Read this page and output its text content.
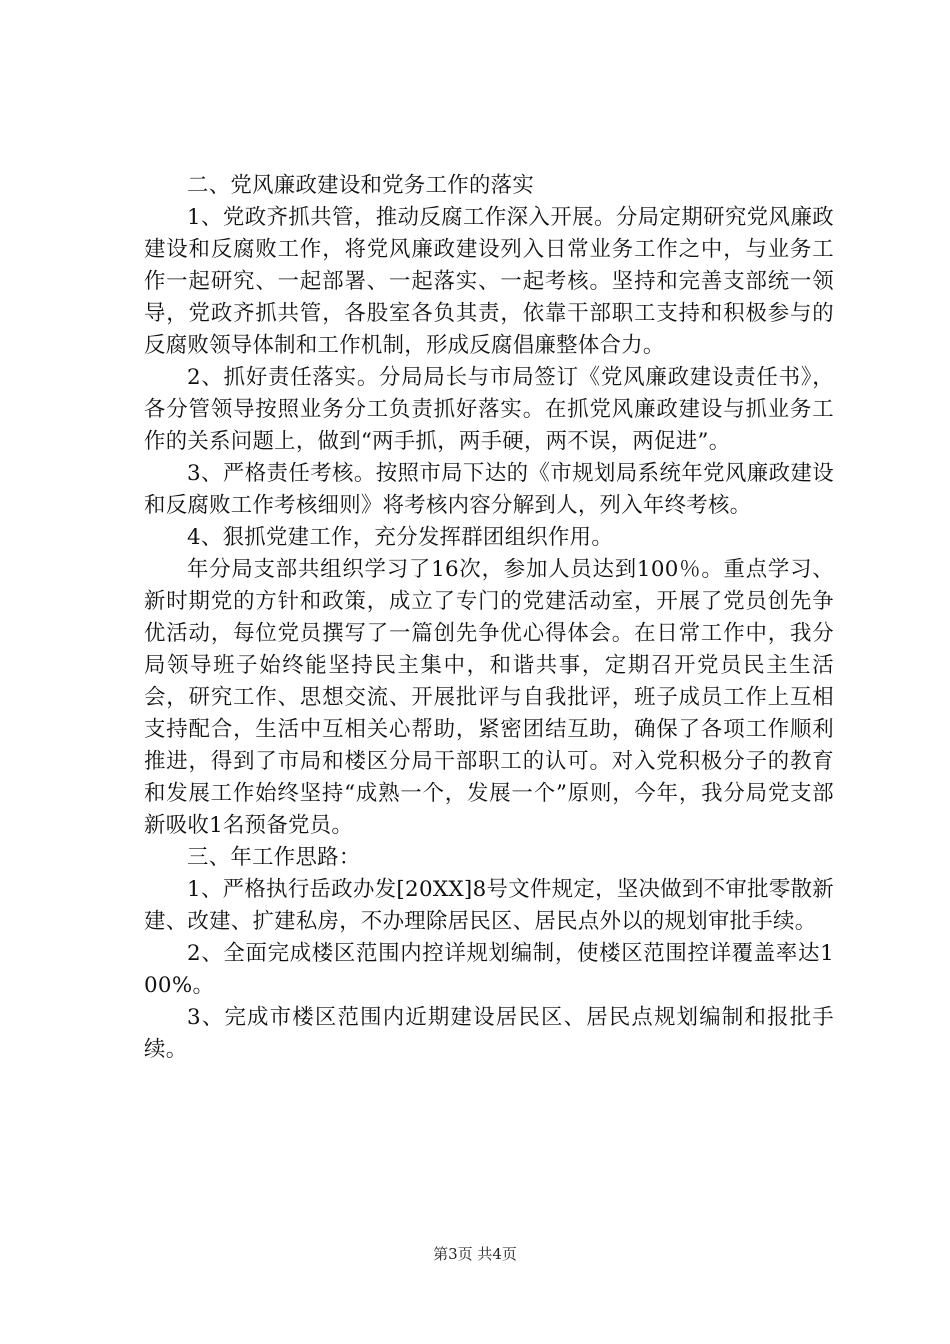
二、党风廉政建设和党务工作的落实

1、党政齐抓共管，推动反腐工作深入开展。分局定期研究党风廉政建设和反腐败工作，将党风廉政建设列入日常业务工作之中，与业务工作一起研究、一起部署、一起落实、一起考核。坚持和完善支部统一领导，党政齐抓共管，各股室各负其责，依靠干部职工支持和积极参与的反腐败领导体制和工作机制，形成反腐倡廉整体合力。

2、抓好责任落实。分局局长与市局签订《党风廉政建设责任书》，各分管领导按照业务分工负责抓好落实。在抓党风廉政建设与抓业务工作的关系问题上，做到“两手抓，两手硬，两不误，两促进”。

3、严格责任考核。按照市局下达的《市规划局系统年党风廉政建设和反腐败工作考核细则》将考核内容分解到人，列入年终考核。

4、狠抓党建工作，充分发挥群团组织作用。

年分局支部共组织学习了16次，参加人员达到100％。重点学习、新时期党的方针和政策，成立了专门的党建活动室，开展了党员创先争优活动，每位党员撰写了一篇创先争优心得体会。在日常工作中，我分局领导班子始终能坚持民主集中，和谐共事，定期召开党员民主生活会，研究工作、思想交流、开展批评与自我批评，班子成员工作上互相支持配合，生活中互相关心帮助，紧密团结互助，确保了各项工作顺利推进，得到了市局和楼区分局干部职工的认可。对入党积极分子的教育和发展工作始终坚持“成熟一个，发展一个”原则，今年，我分局党支部新吸收1名预备党员。

三、年工作思路：

1、严格执行岳政办发[20XX]8号文件规定，坚决做到不审批零散新建、改建、扩建私房，不办理除居民区、居民点外以的规划审批手续。

2、全面完成楼区范围内控详规划编制，使楼区范围控详覆盖率达100%。

3、完成市楼区范围内近期建设居民区、居民点规划编制和报批手续。

第3页 共4页
